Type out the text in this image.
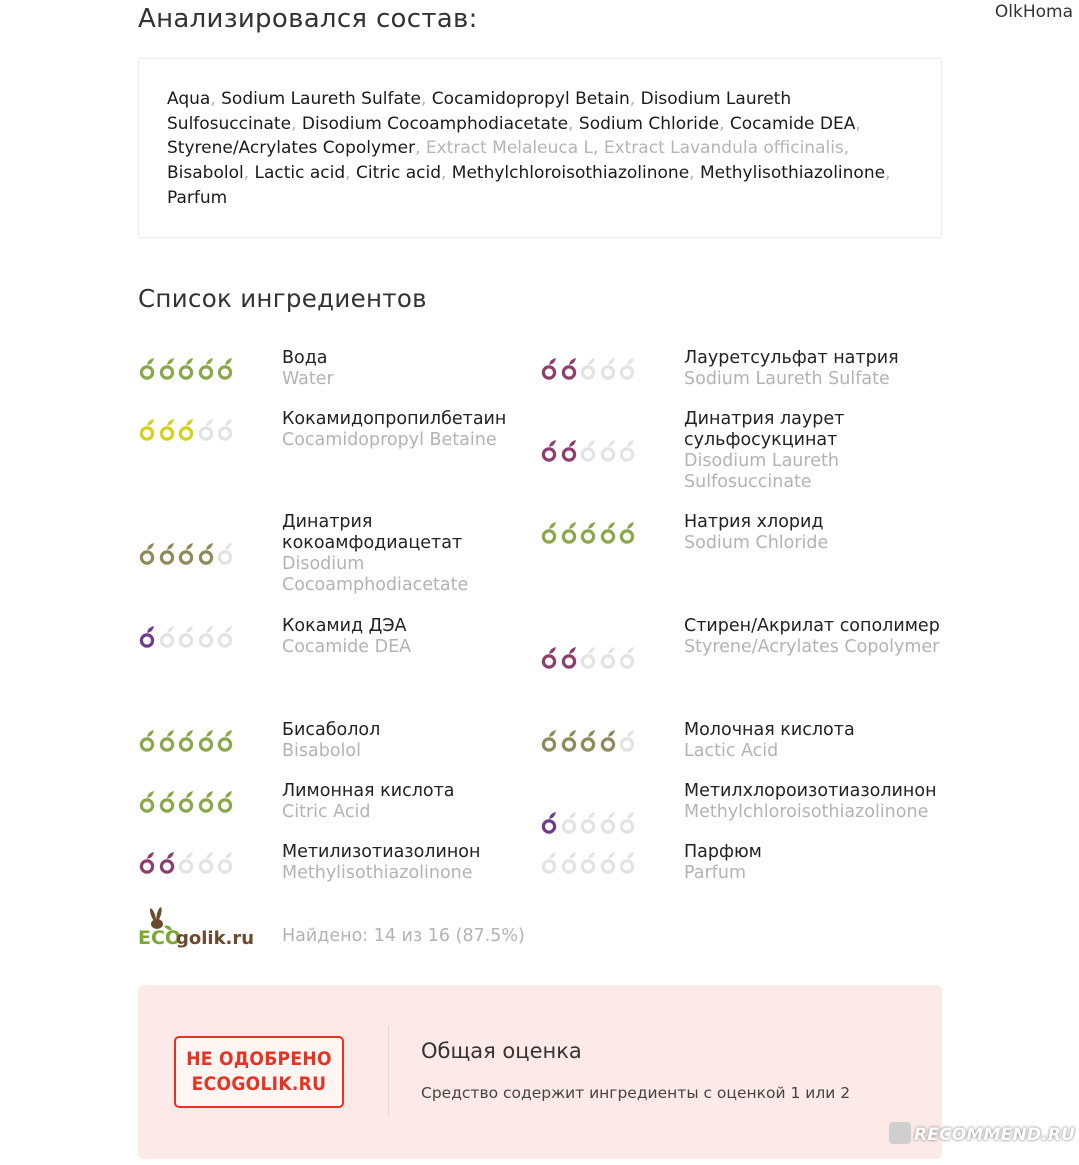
OlkHoma
Анализировался состав:
Aqua, Sodium Laureth Sulfate, Cocamidopropyl Betain, Disodium Laureth Sulfosuccinate, Disodium Cocoamphodiacetate, Sodium Chloride, Cocamide DEA, Styrene/Acrylates Copolymer, Extract Melaleuca L, Extract Lavandula officinalis, Bisabolol, Lactic acid, Citric acid, Methylchloroisothiazolinone, Methylisothiazolinone, Parfum
Список ингредиентов
Вода
Water
Лауретсульфат натрия
Sodium Laureth Sulfate
Кокамидопропилбетаин
Cocamidopropyl Betaine
Динатрия лаурет сульфосукцинат
Disodium Laureth Sulfosuccinate
Динатрия кокоамфодиацетат
Disodium Cocoamphodiacetate
Натрия хлорид
Sodium Chloride
Кокамид ДЭА
Cocamide DEA
Стирен/Акрилат сополимер
Styrene/Acrylates Copolymer
Бисаболол
Bisabolol
Молочная кислота
Lactic Acid
Лимонная кислота
Citric Acid
Метилхлороизотиазолинон
Methylchloroisothiazolinone
Метилизотиазолинон
Methylisothiazolinone
Парфюм
Parfum
ECO
golik.ru Найдено: 14 из 16 (87.5%)
НЕ ОДОБРЕНО
ECOGOLIK.RU
Общая оценка
Средство содержит ингредиенты с оценкой 1 или 2
RECOMMEND.RU
